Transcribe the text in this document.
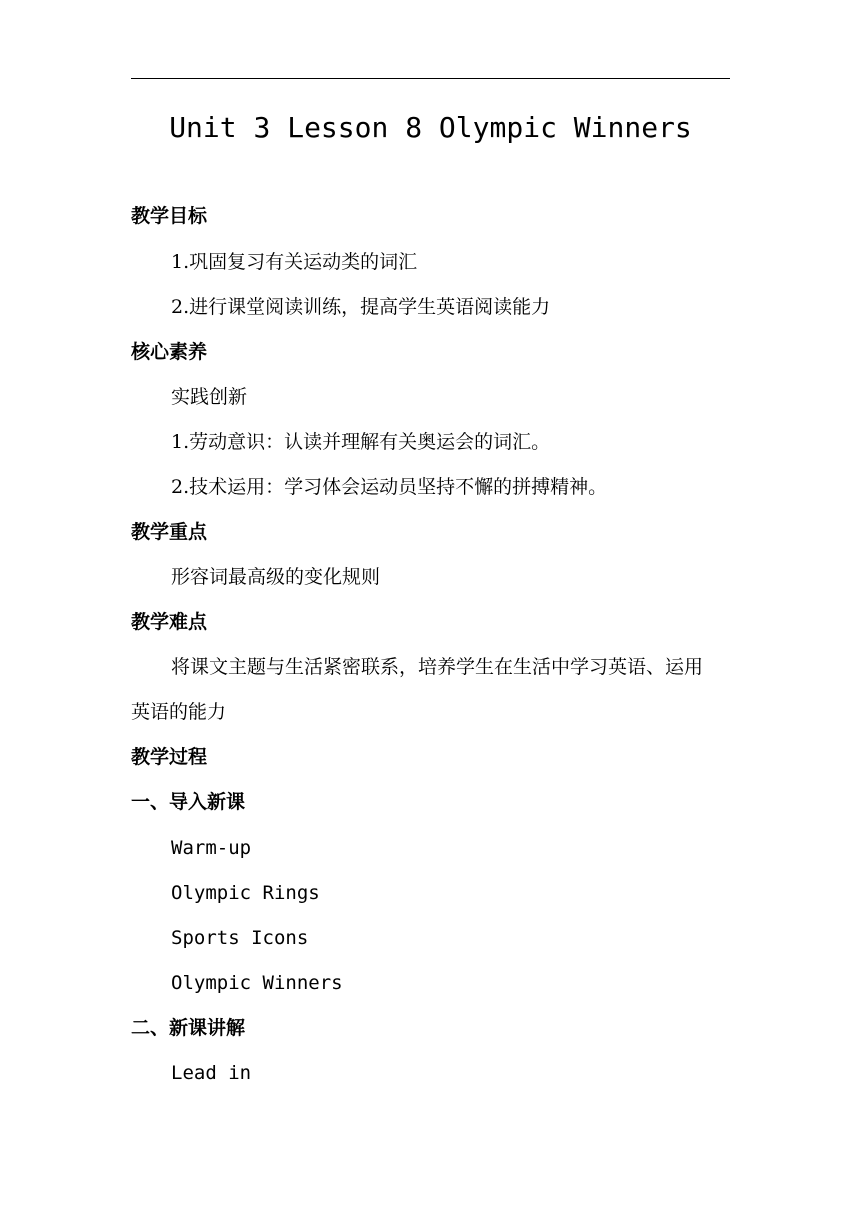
Unit 3 Lesson 8 Olympic Winners
教学目标
1.巩固复习有关运动类的词汇
2.进行课堂阅读训练，提高学生英语阅读能力
核心素养
实践创新
1.劳动意识：认读并理解有关奥运会的词汇。
2.技术运用：学习体会运动员坚持不懈的拼搏精神。
教学重点
形容词最高级的变化规则
教学难点
将课文主题与生活紧密联系，培养学生在生活中学习英语、运用
英语的能力
教学过程
一、导入新课
Warm-up
Olympic Rings
Sports Icons
Olympic Winners
二、新课讲解
Lead in
